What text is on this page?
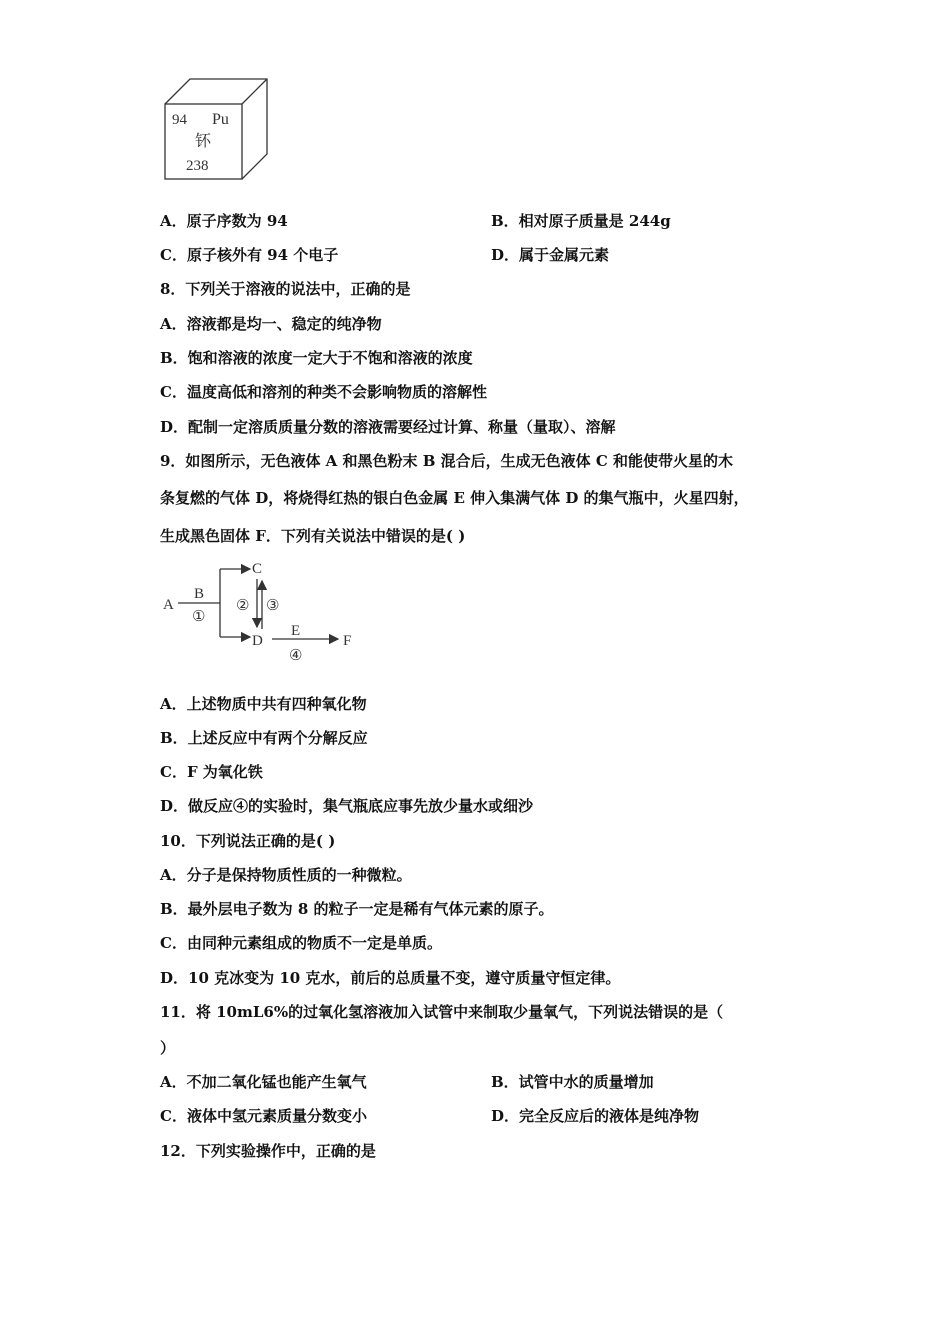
94 Pu
钚
238
A．原子序数为 94	B．相对原子质量是 244g
C．原子核外有 94 个电子	D．属于金属元素
8．下列关于溶液的说法中，正确的是
A．溶液都是均一、稳定的纯净物
B．饱和溶液的浓度一定大于不饱和溶液的浓度
C．温度高低和溶剂的种类不会影响物质的溶解性
D．配制一定溶质质量分数的溶液需要经过计算、称量（量取）、溶解
9．如图所示，无色液体 A 和黑色粉末 B 混合后，生成无色液体 C 和能使带火星的木
条复燃的气体 D，将烧得红热的银白色金属 E 伸入集满气体 D 的集气瓶中，火星四射，
生成黑色固体 F．下列有关说法中错误的是( )
A
B
①
C
② ③
D
E
④
F
A．上述物质中共有四种氧化物
B．上述反应中有两个分解反应
C．F 为氧化铁
D．做反应④的实验时，集气瓶底应事先放少量水或细沙
10．下列说法正确的是( )
A．分子是保持物质性质的一种微粒。
B．最外层电子数为 8 的粒子一定是稀有气体元素的原子。
C．由同种元素组成的物质不一定是单质。
D．10 克冰变为 10 克水，前后的总质量不变，遵守质量守恒定律。
11．将 10mL6%的过氧化氢溶液加入试管中来制取少量氧气，下列说法错误的是（
）
A．不加二氧化锰也能产生氧气	B．试管中水的质量增加
C．液体中氢元素质量分数变小	D．完全反应后的液体是纯净物
12．下列实验操作中，正确的是
